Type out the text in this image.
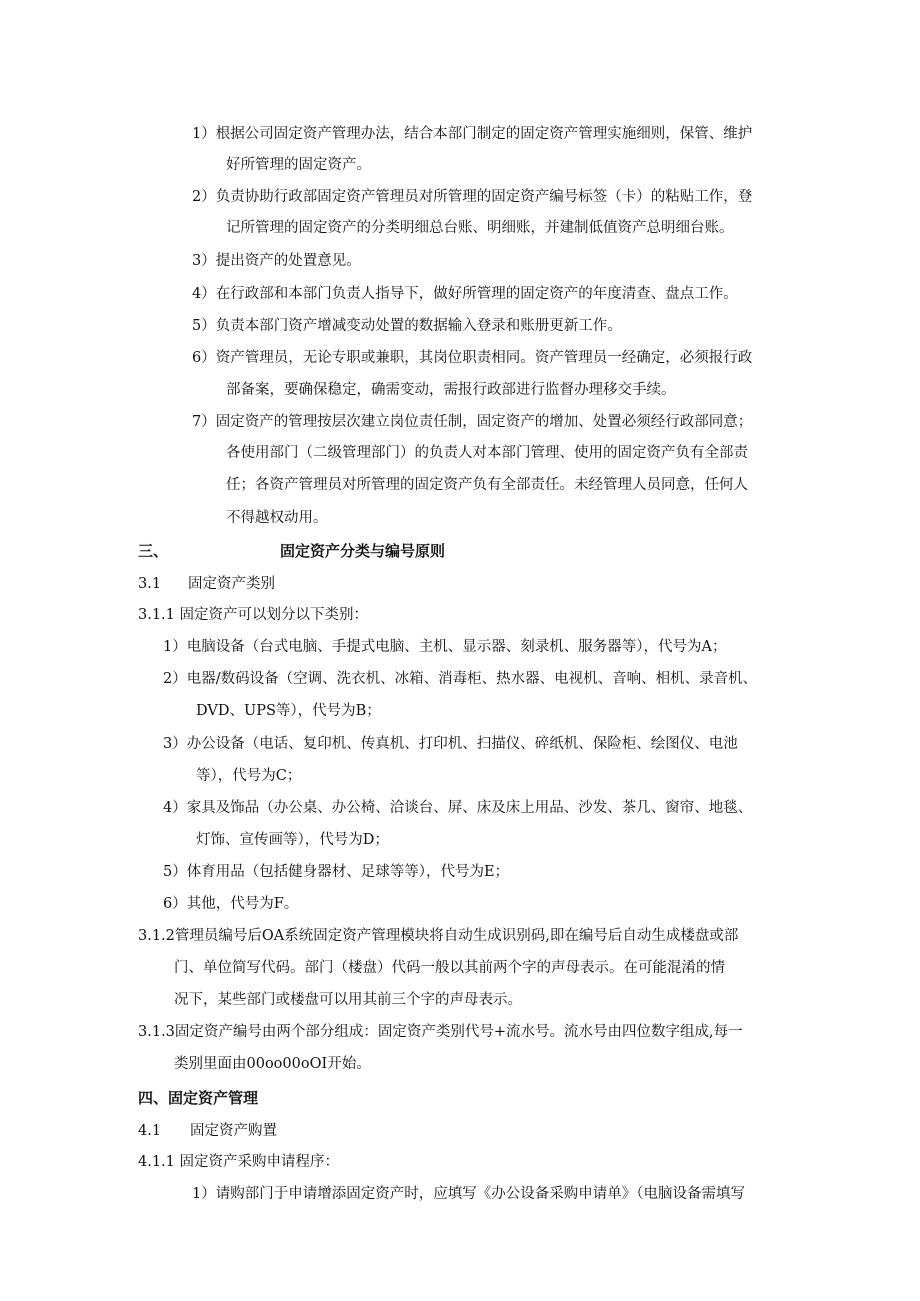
1）根据公司固定资产管理办法，结合本部门制定的固定资产管理实施细则，保管、维护
好所管理的固定资产。
2）负责协助行政部固定资产管理员对所管理的固定资产编号标签（卡）的粘贴工作，登
记所管理的固定资产的分类明细总台账、明细账，并建制低值资产总明细台账。
3）提出资产的处置意见。
4）在行政部和本部门负责人指导下，做好所管理的固定资产的年度清查、盘点工作。
5）负责本部门资产增减变动处置的数据输入登录和账册更新工作。
6）资产管理员，无论专职或兼职，其岗位职责相同。资产管理员一经确定，必须报行政
部备案，要确保稳定，确需变动，需报行政部进行监督办理移交手续。
7）固定资产的管理按层次建立岗位责任制，固定资产的增加、处置必须经行政部同意；
各使用部门（二级管理部门）的负责人对本部门管理、使用的固定资产负有全部责
任；各资产管理员对所管理的固定资产负有全部责任。未经管理人员同意，任何人
不得越权动用。
三、	固定资产分类与编号原则
3.1 固定资产类别
3.1.1 固定资产可以划分以下类别：
1）电脑设备（台式电脑、手提式电脑、主机、显示器、刻录机、服务器等），代号为A；
2）电器/数码设备（空调、洗衣机、冰箱、消毒柜、热水器、电视机、音响、相机、录音机、
DVD、UPS等），代号为B；
3）办公设备（电话、复印机、传真机、打印机、扫描仪、碎纸机、保险柜、绘图仪、电池
等），代号为C；
4）家具及饰品（办公桌、办公椅、洽谈台、屏、床及床上用品、沙发、茶几、窗帘、地毯、
灯饰、宣传画等），代号为D；
5）体育用品（包括健身器材、足球等等），代号为E；
6）其他，代号为F。
3.1.2管理员编号后OA系统固定资产管理模块将自动生成识别码,即在编号后自动生成楼盘或部
门、单位简写代码。部门（楼盘）代码一般以其前两个字的声母表示。在可能混淆的情
况下，某些部门或楼盘可以用其前三个字的声母表示。
3.1.3固定资产编号由两个部分组成：固定资产类别代号+流水号。流水号由四位数字组成,每一
类别里面由00oo00oOI开始。
四、固定资产管理
4.1 固定资产购置
4.1.1 固定资产采购申请程序：
1）请购部门于申请增添固定资产时，应填写《办公设备采购申请单》（电脑设备需填写
